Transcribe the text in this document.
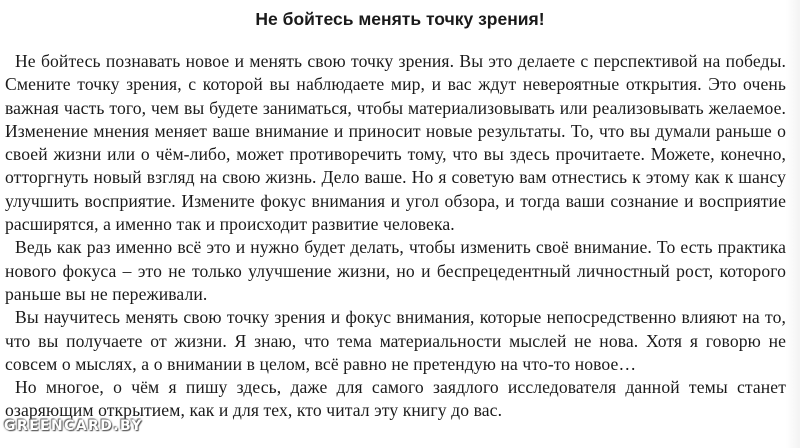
Не бойтесь менять точку зрения!

Не бойтесь познавать новое и менять свою точку зрения. Вы это делаете с перспективой на победы. Смените точку зрения, с которой вы наблюдаете мир, и вас ждут невероятные открытия. Это очень важная часть того, чем вы будете заниматься, чтобы материализовывать или реализовывать желаемое. Изменение мнения меняет ваше внимание и приносит новые результаты. То, что вы думали раньше о своей жизни или о чём-либо, может противоречить тому, что вы здесь прочитаете. Можете, конечно, отторгнуть новый взгляд на свою жизнь. Дело ваше. Но я советую вам отнестись к этому как к шансу улучшить восприятие. Измените фокус внимания и угол обзора, и тогда ваши сознание и восприятие расширятся, а именно так и происходит развитие человека.

Ведь как раз именно всё это и нужно будет делать, чтобы изменить своё внимание. То есть практика нового фокуса – это не только улучшение жизни, но и беспрецедентный личностный рост, которого раньше вы не переживали.

Вы научитесь менять свою точку зрения и фокус внимания, которые непосредственно влияют на то, что вы получаете от жизни. Я знаю, что тема материальности мыслей не нова. Хотя я говорю не совсем о мыслях, а о внимании в целом, всё равно не претендую на что-то новое…

Но многое, о чём я пишу здесь, даже для самого заядлого исследователя данной темы станет озаряющим открытием, как и для тех, кто читал эту книгу до вас.

GREENCARD.BY
